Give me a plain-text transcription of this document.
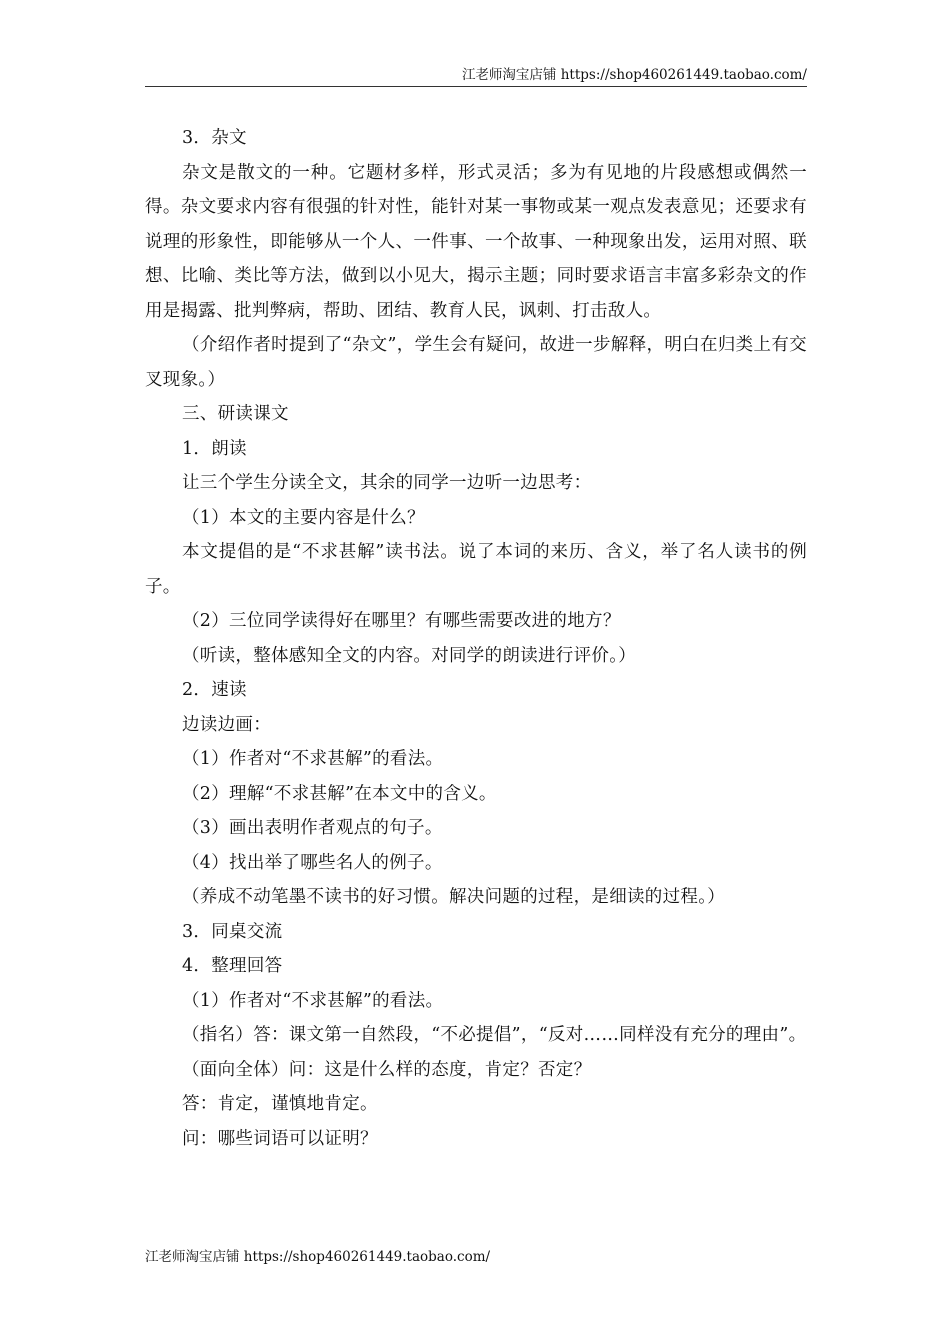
江老师淘宝店铺 https://shop460261449.taobao.com/

3．杂文

杂文是散文的一种。它题材多样，形式灵活；多为有见地的片段感想或偶然一得。杂文要求内容有很强的针对性，能针对某一事物或某一观点发表意见；还要求有说理的形象性，即能够从一个人、一件事、一个故事、一种现象出发，运用对照、联想、比喻、类比等方法，做到以小见大，揭示主题；同时要求语言丰富多彩杂文的作用是揭露、批判弊病，帮助、团结、教育人民，讽刺、打击敌人。

（介绍作者时提到了“杂文”，学生会有疑问，故进一步解释，明白在归类上有交叉现象。）

三、研读课文

1．朗读

让三个学生分读全文，其余的同学一边听一边思考：

（1）本文的主要内容是什么？

本文提倡的是“不求甚解”读书法。说了本词的来历、含义，举了名人读书的例子。

（2）三位同学读得好在哪里？有哪些需要改进的地方？

（听读，整体感知全文的内容。对同学的朗读进行评价。）

2．速读

边读边画：

（1）作者对“不求甚解”的看法。

（2）理解“不求甚解”在本文中的含义。

（3）画出表明作者观点的句子。

（4）找出举了哪些名人的例子。

（养成不动笔墨不读书的好习惯。解决问题的过程，是细读的过程。）

3．同桌交流

4．整理回答

（1）作者对“不求甚解”的看法。

（指名）答：课文第一自然段，“不必提倡”，“反对……同样没有充分的理由”。

（面向全体）问：这是什么样的态度，肯定？否定？

答：肯定，谨慎地肯定。

问：哪些词语可以证明？

江老师淘宝店铺 https://shop460261449.taobao.com/
